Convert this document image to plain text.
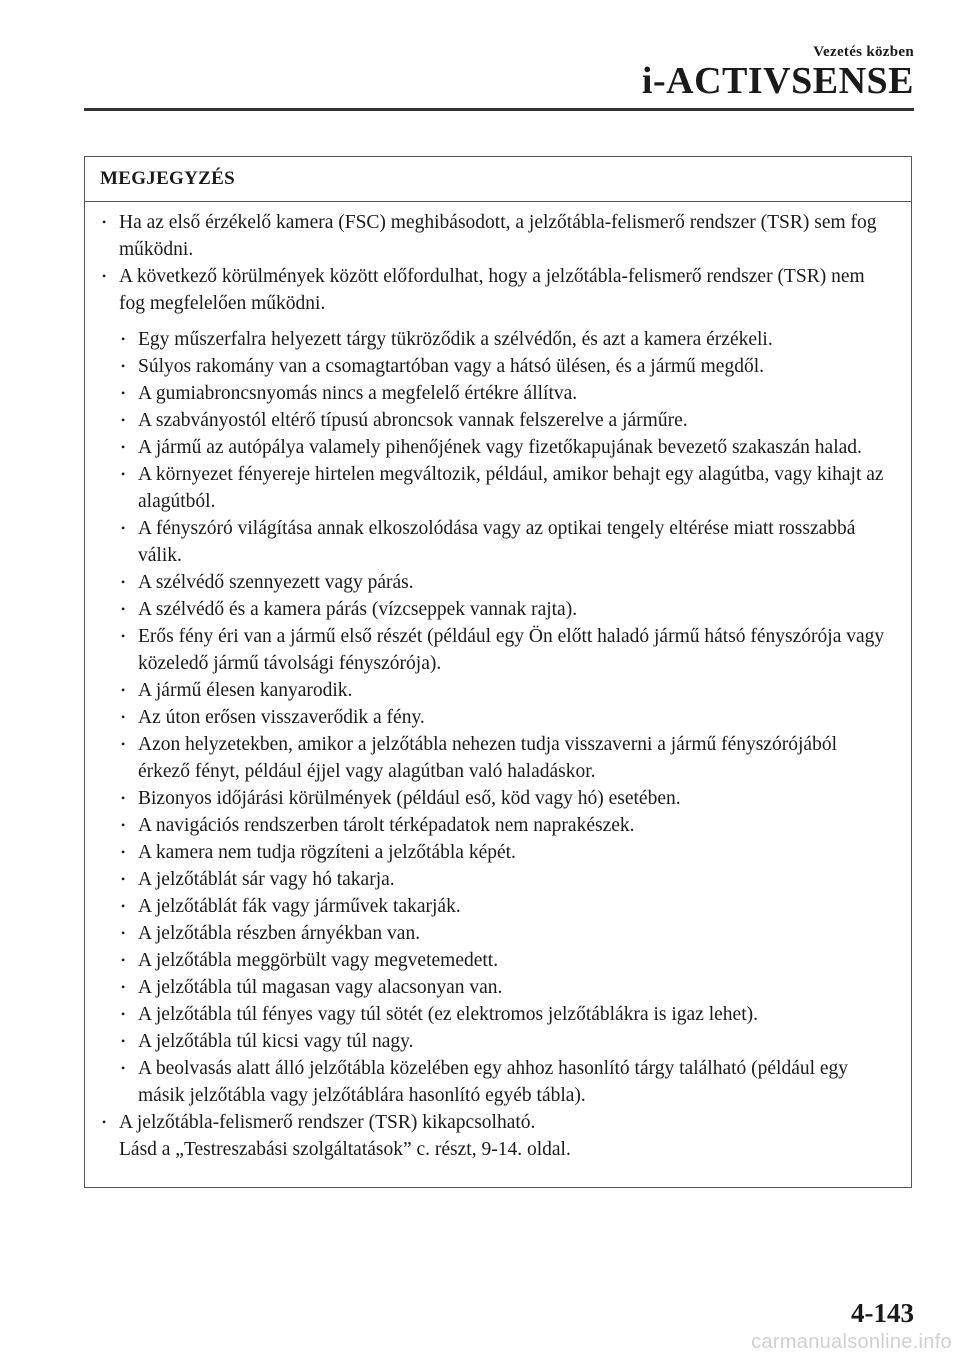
Vezetés közben
i-ACTIVSENSE
MEGJEGYZÉS
• Ha az első érzékelő kamera (FSC) meghibásodott, a jelzőtábla-felismerő rendszer (TSR) sem fog működni.
• A következő körülmények között előfordulhat, hogy a jelzőtábla-felismerő rendszer (TSR) nem fog megfelelően működni.
• Egy műszerfalra helyezett tárgy tükröződik a szélvédőn, és azt a kamera érzékeli.
• Súlyos rakomány van a csomagtartóban vagy a hátsó ülésen, és a jármű megdől.
• A gumiabroncsnyomás nincs a megfelelő értékre állítva.
• A szabványostól eltérő típusú abroncsok vannak felszerelve a járműre.
• A jármű az autópálya valamely pihenőjének vagy fizetőkapujának bevezető szakaszán halad.
• A környezet fényereje hirtelen megváltozik, például, amikor behajt egy alagútba, vagy kihajt az alagútból.
• A fényszóró világítása annak elkoszolódása vagy az optikai tengely eltérése miatt rosszabbá válik.
• A szélvédő szennyezett vagy párás.
• A szélvédő és a kamera párás (vízcseppek vannak rajta).
• Erős fény éri van a jármű első részét (például egy Ön előtt haladó jármű hátsó fényszórója vagy közeledő jármű távolsági fényszórója).
• A jármű élesen kanyarodik.
• Az úton erősen visszaverődik a fény.
• Azon helyzetekben, amikor a jelzőtábla nehezen tudja visszaverni a jármű fényszórójából érkező fényt, például éjjel vagy alagútban való haladáskor.
• Bizonyos időjárási körülmények (például eső, köd vagy hó) esetében.
• A navigációs rendszerben tárolt térképadatok nem naprakészek.
• A kamera nem tudja rögzíteni a jelzőtábla képét.
• A jelzőtáblát sár vagy hó takarja.
• A jelzőtáblát fák vagy járművek takarják.
• A jelzőtábla részben árnyékban van.
• A jelzőtábla meggörbült vagy megvetemedett.
• A jelzőtábla túl magasan vagy alacsonyan van.
• A jelzőtábla túl fényes vagy túl sötét (ez elektromos jelzőtáblákra is igaz lehet).
• A jelzőtábla túl kicsi vagy túl nagy.
• A beolvasás alatt álló jelzőtábla közelében egy ahhoz hasonlító tárgy található (például egy másik jelzőtábla vagy jelzőtáblára hasonlító egyéb tábla).
• A jelzőtábla-felismerő rendszer (TSR) kikapcsolható.
Lásd a „Testreszabási szolgáltatások” c. részt, 9-14. oldal.
4-143
carmanualsonline.info
